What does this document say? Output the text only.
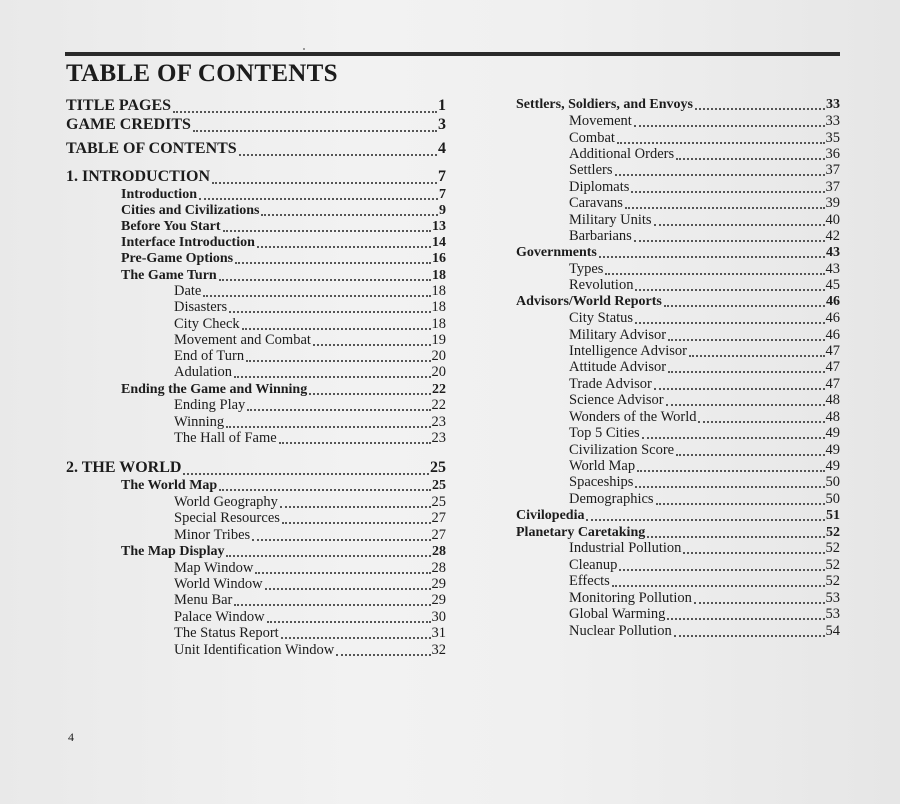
TABLE OF CONTENTS
TITLE PAGES	1
GAME CREDITS	3
TABLE OF CONTENTS	4
1. INTRODUCTION	7
Introduction	7
Cities and Civilizations	9
Before You Start	13
Interface Introduction	14
Pre-Game Options	16
The Game Turn	18
Date	18
Disasters	18
City Check	18
Movement and Combat	19
End of Turn	20
Adulation	20
Ending the Game and Winning	22
Ending Play	22
Winning	23
The Hall of Fame	23
2. THE WORLD	25
The World Map	25
World Geography	25
Special Resources	27
Minor Tribes	27
The Map Display	28
Map Window	28
World Window	29
Menu Bar	29
Palace Window	30
The Status Report	31
Unit Identification Window	32
Settlers, Soldiers, and Envoys	33
Movement	33
Combat	35
Additional Orders	36
Settlers	37
Diplomats	37
Caravans	39
Military Units	40
Barbarians	42
Governments	43
Types	43
Revolution	45
Advisors/World Reports	46
City Status	46
Military Advisor	46
Intelligence Advisor	47
Attitude Advisor	47
Trade Advisor	47
Science Advisor	48
Wonders of the World	48
Top 5 Cities	49
Civilization Score	49
World Map	49
Spaceships	50
Demographics	50
Civilopedia	51
Planetary Caretaking	52
Industrial Pollution	52
Cleanup	52
Effects	52
Monitoring Pollution	53
Global Warming	53
Nuclear Pollution	54
4
